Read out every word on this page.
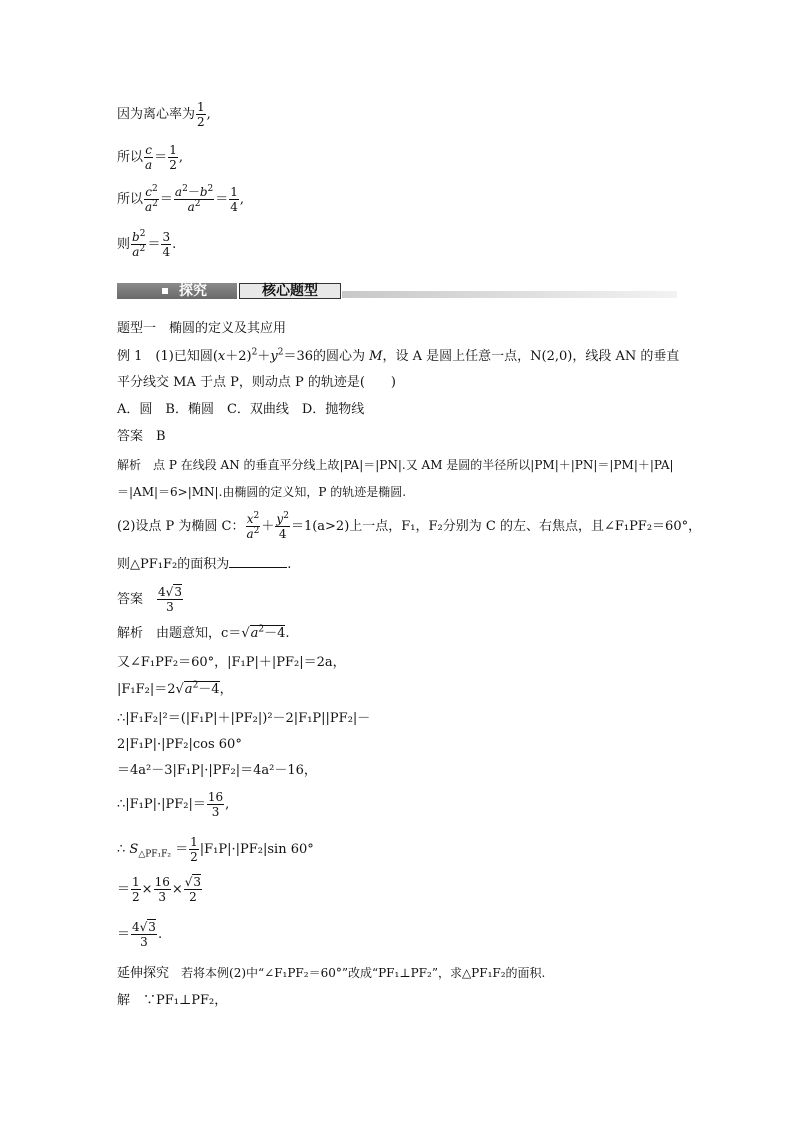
因为离心率为 $\frac{1}{2}$ ,
所以 $\frac{c}{a} = \frac{1}{2}$ ,
所以 $\frac{c^2}{a^2} = \frac{a^2-b^2}{a^2} = \frac{1}{4}$ ,
则 $\frac{b^2}{a^2} = \frac{3}{4}$ .
探究	核心题型
题型一　椭圆的定义及其应用
例 1　 (1)已知圆$(x+2)^2+y^2=36$的圆心为 M，设 A 是圆上任意一点，N(2,0)，线段 AN 的垂直
平分线交 MA 于点 P，则动点 P 的轨迹是(　　)
A．圆　B．椭圆　C．双曲线　D．抛物线
答案　 B
解析　 点 P 在线段 AN 的垂直平分线上故|PA|＝|PN|.又 AM 是圆的半径所以|PM|＋|PN|＝|PM|＋|PA|
＝|AM|＝6>|MN|.由椭圆的定义知，P 的轨迹是椭圆.
(2)设点 P 为椭圆 C： $\frac{x^2}{a^2} + \frac{y^2}{4} =1(a>2)$上一点，F₁，F₂分别为 C 的左、右焦点，且∠F₁PF₂＝60°，
则△PF₁F₂的面积为	.
答案　 $\frac{4√3}{3}$
解析　 由题意知，$c=√a^2-4$.
又∠F₁PF₂＝60°，|F₁P|＋|PF₂|＝2a，
$|F_1F_2|=2√a^2-4$，
∴|F₁F₂|²＝(|F₁P|＋|PF₂|)²－2|F₁P||PF₂|－
2|F₁P|·|PF₂|cos 60°
＝4a²－3|F₁P|·|PF₂|＝4a²－16，
∴|F₁P|·|PF₂|＝ $\frac{16}{3}$ ,
∴ $S_{\triangle PF_1F_2} = \frac{1}{2} |F_1P|\cdot|PF_2|\sin$ 60°
＝ $\frac{1}{2} \times \frac{16}{3} \times \frac{√3}{2}$
＝ $\frac{4√3}{3}$ .
延伸探究　 若将本例(2)中“∠F₁PF₂＝60°”改成“PF₁⊥PF₂”，求△PF₁F₂的面积.
解　 ∵PF₁⊥PF₂，
